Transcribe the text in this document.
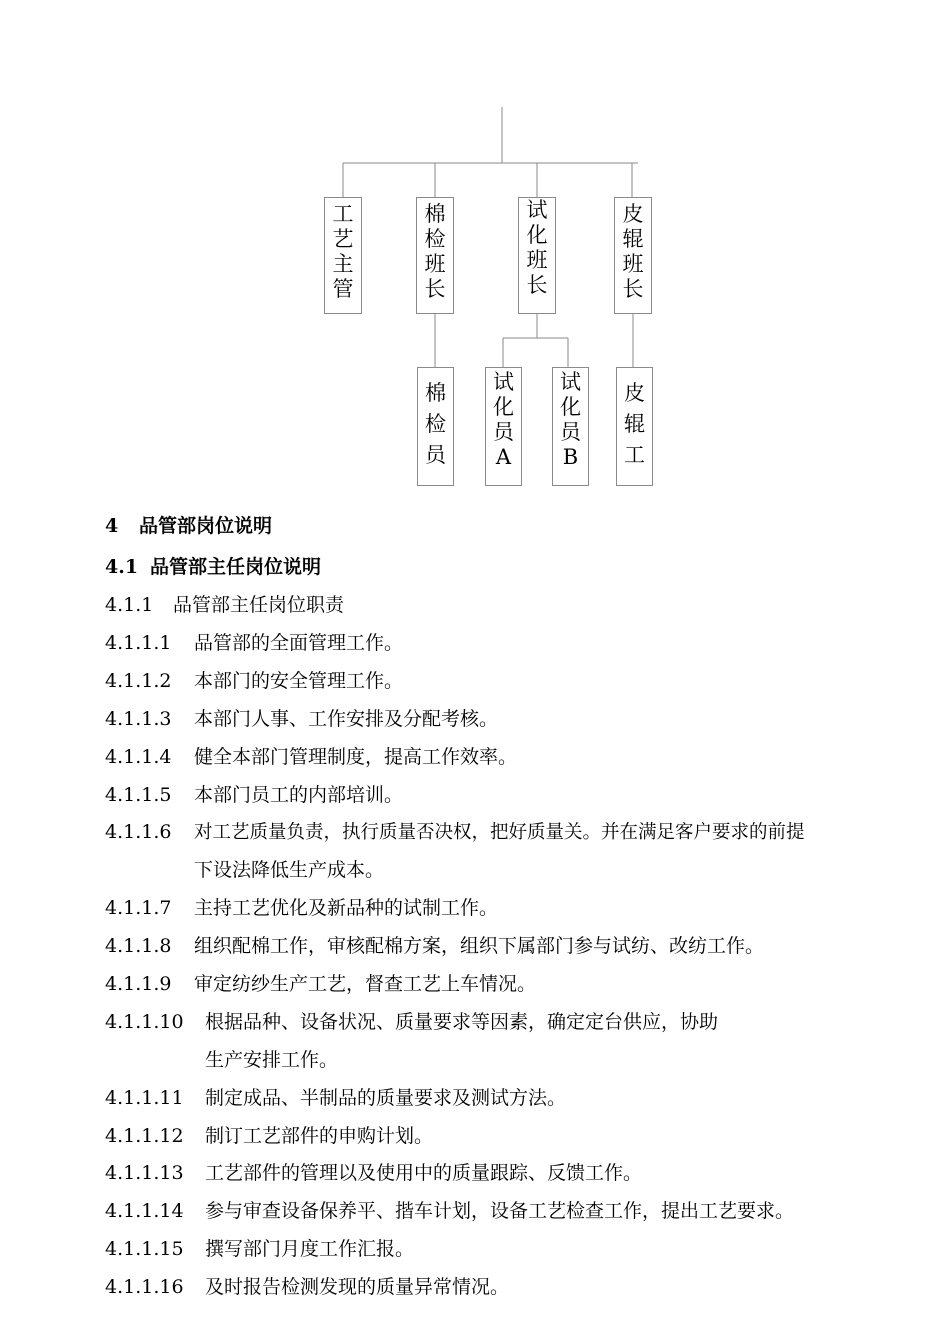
工
艺
主
管
棉
检
班
长
试
化
班
长
皮
辊
班
长
棉
检
员
试
化
员
A
试
化
员
B
皮
辊
工
4 品管部岗位说明
4.1 品管部主任岗位说明
4.1.1 品管部主任岗位职责
4.1.1.1 品管部的全面管理工作。
4.1.1.2 本部门的安全管理工作。
4.1.1.3 本部门人事、工作安排及分配考核。
4.1.1.4 健全本部门管理制度，提高工作效率。
4.1.1.5 本部门员工的内部培训。
4.1.1.6 对工艺质量负责，执行质量否决权，把好质量关。并在满足客户要求的前提
下设法降低生产成本。
4.1.1.7 主持工艺优化及新品种的试制工作。
4.1.1.8 组织配棉工作，审核配棉方案，组织下属部门参与试纺、改纺工作。
4.1.1.9 审定纺纱生产工艺，督查工艺上车情况。
4.1.1.10 根据品种、设备状况、质量要求等因素，确定定台供应，协助
生产安排工作。
4.1.1.11 制定成品、半制品的质量要求及测试方法。
4.1.1.12 制订工艺部件的申购计划。
4.1.1.13 工艺部件的管理以及使用中的质量跟踪、反馈工作。
4.1.1.14 参与审查设备保养平、揩车计划，设备工艺检查工作，提出工艺要求。
4.1.1.15 撰写部门月度工作汇报。
4.1.1.16 及时报告检测发现的质量异常情况。
